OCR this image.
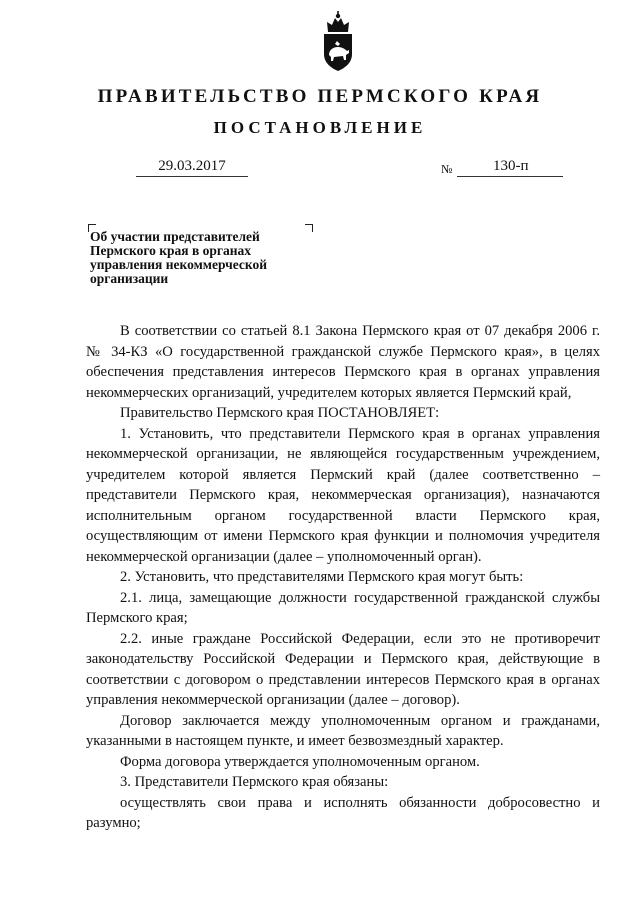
ПРАВИТЕЛЬСТВО ПЕРМСКОГО КРАЯ
ПОСТАНОВЛЕНИЕ
29.03.2017	№	130-п
Об участии представителей Пермского края в органах управления некоммерческой организации

В соответствии со статьей 8.1 Закона Пермского края от 07 декабря 2006 г. № 34-КЗ «О государственной гражданской службе Пермского края», в целях обеспечения представления интересов Пермского края в органах управления некоммерческих организаций, учредителем которых является Пермский край,

Правительство Пермского края ПОСТАНОВЛЯЕТ:

1. Установить, что представители Пермского края в органах управления некоммерческой организации, не являющейся государственным учреждением, учредителем которой является Пермский край (далее соответственно – представители Пермского края, некоммерческая организация), назначаются исполнительным органом государственной власти Пермского края, осуществляющим от имени Пермского края функции и полномочия учредителя некоммерческой организации (далее – уполномоченный орган).

2. Установить, что представителями Пермского края могут быть:

2.1. лица, замещающие должности государственной гражданской службы Пермского края;

2.2. иные граждане Российской Федерации, если это не противоречит законодательству Российской Федерации и Пермского края, действующие в соответствии с договором о представлении интересов Пермского края в органах управления некоммерческой организации (далее – договор).

Договор заключается между уполномоченным органом и гражданами, указанными в настоящем пункте, и имеет безвозмездный характер.

Форма договора утверждается уполномоченным органом.

3. Представители Пермского края обязаны:

осуществлять свои права и исполнять обязанности добросовестно и разумно;
